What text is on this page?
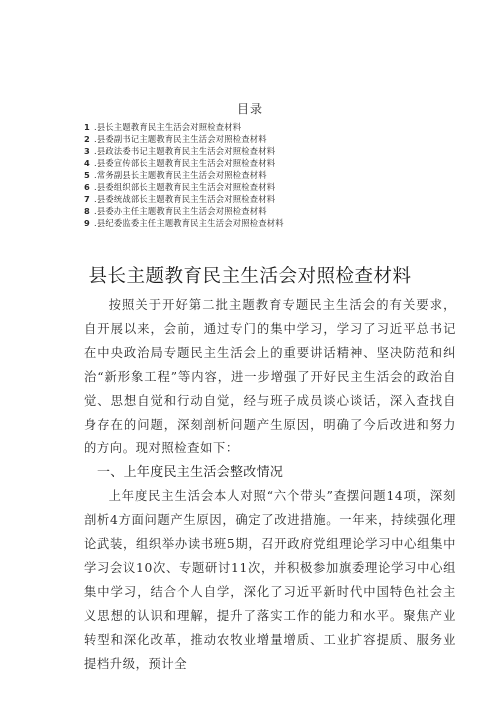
目录
1 .县长主题教育民主生活会对照检查材料
2 .县委副书记主题教育民主生活会对照检查材料
3 .县政法委书记主题教育民主生活会对照检查材料
4 .县委宣传部长主题教育民主生活会对照检查材料
5 .常务副县长主题教育民主生活会对照检查材料
6 .县委组织部长主题教育民主生活会对照检查材料
7 .县委统战部长主题教育民主生活会对照检查材料
8 .县委办主任主题教育民主生活会对照检查材料
9 .县纪委监委主任主题教育民主生活会对照检查材料
县长主题教育民主生活会对照检查材料

按照关于开好第二批主题教育专题民主生活会的有关要求，自开展以来，会前，通过专门的集中学习，学习了习近平总书记在中央政治局专题民主生活会上的重要讲话精神、坚决防范和纠治“新形象工程”等内容，进一步增强了开好民主生活会的政治自觉、思想自觉和行动自觉，经与班子成员谈心谈话，深入查找自身存在的问题，深刻剖析问题产生原因，明确了今后改进和努力的方向。现对照检查如下：

一、上年度民主生活会整改情况

上年度民主生活会本人对照“六个带头”查摆问题14项，深刻剖析4方面问题产生原因，确定了改进措施。一年来，持续强化理论武装，组织举办读书班5期，召开政府党组理论学习中心组集中学习会议10次、专题研讨11次，并积极参加旗委理论学习中心组集中学习，结合个人自学，深化了习近平新时代中国特色社会主义思想的认识和理解，提升了落实工作的能力和水平。聚焦产业转型和深化改革，推动农牧业增量增质、工业扩容提质、服务业提档升级，预计全
